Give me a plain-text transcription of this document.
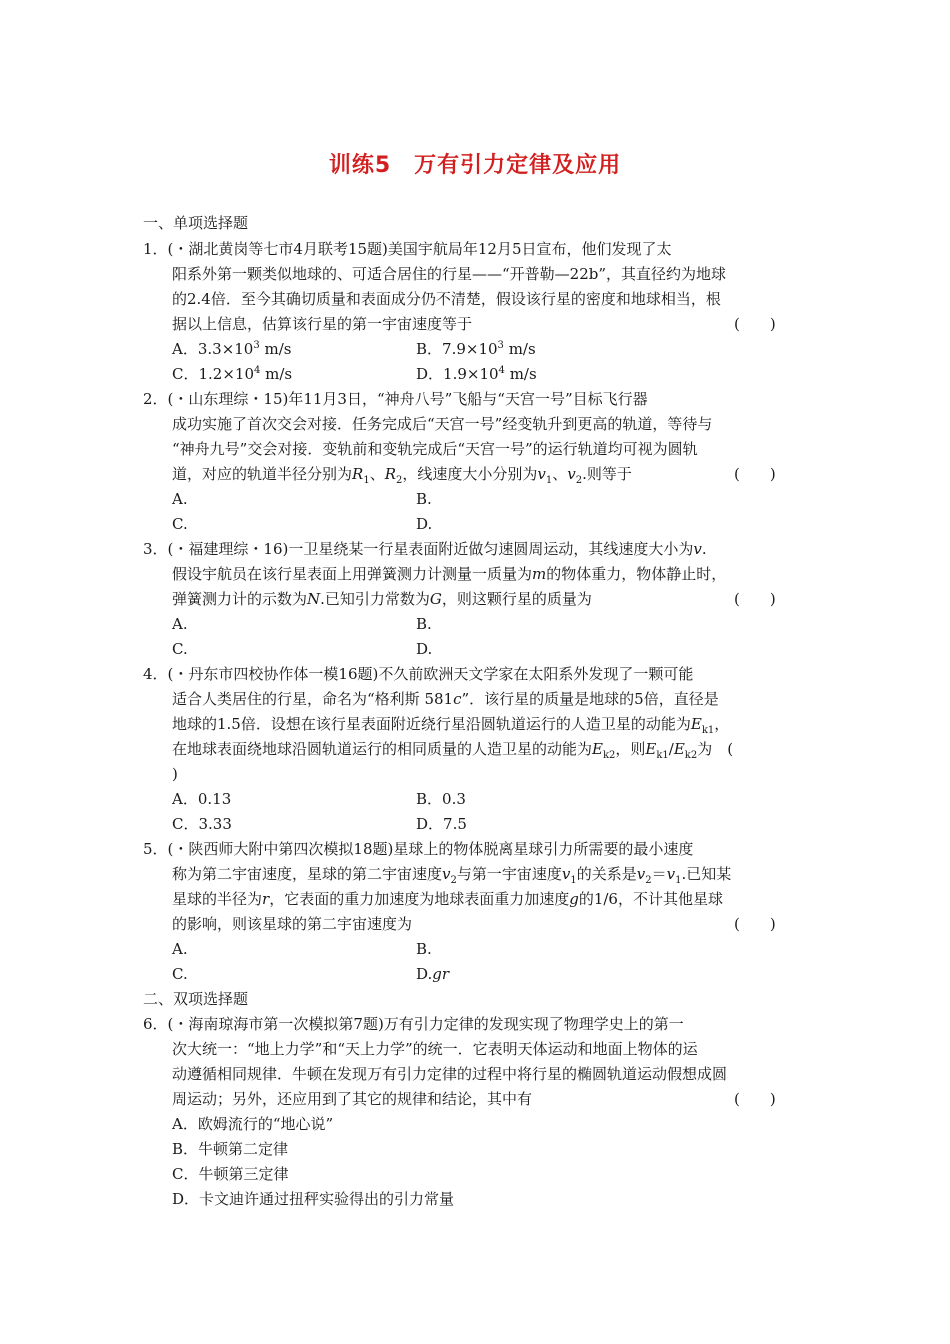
训练5　万有引力定律及应用
一、单项选择题
1．(・湖北黄岗等七市4月联考15题)美国宇航局年12月5日宣布，他们发现了太
阳系外第一颗类似地球的、可适合居住的行星——“开普勒—22b”，其直径约为地球
的2.4倍．至今其确切质量和表面成分仍不清楚，假设该行星的密度和地球相当，根
据以上信息，估算该行星的第一宇宙速度等于	(　　)
A．$3.3\times 10^3$ m/s	B．$7.9\times 10^3$ m/s
C．$1.2\times 10^4$ m/s	D．$1.9\times 10^4$ m/s
2．(・山东理综・15)年11月3日，“神舟八号”飞船与“天宫一号”目标飞行器
成功实施了首次交会对接．任务完成后“天宫一号”经变轨升到更高的轨道，等待与
“神舟九号”交会对接．变轨前和变轨完成后“天宫一号”的运行轨道均可视为圆轨
道，对应的轨道半径分别为$R_1$、$R_2$，线速度大小分别为$v_1$、$v_2$.则等于	(　　)
A.	B.
C.	D.
3．(・福建理综・16)一卫星绕某一行星表面附近做匀速圆周运动，其线速度大小为v.
假设宇航员在该行星表面上用弹簧测力计测量一质量为m的物体重力，物体静止时，
弹簧测力计的示数为N.已知引力常数为G，则这颗行星的质量为	(　　)
A.	B.
C.	D.
4．(・丹东市四校协作体一模16题)不久前欧洲天文学家在太阳系外发现了一颗可能
适合人类居住的行星，命名为“格利斯 581c”．该行星的质量是地球的5倍，直径是
地球的1.5倍．设想在该行星表面附近绕行星沿圆轨道运行的人造卫星的动能为$E_{k1}$，
在地球表面绕地球沿圆轨道运行的相同质量的人造卫星的动能为$E_{k2}$，则$E_{k1}/E_{k2}$为　(
)
A．0.13	B．0.3
C．3.33	D．7.5
5．(・陕西师大附中第四次模拟18题)星球上的物体脱离星球引力所需要的最小速度
称为第二宇宙速度，星球的第二宇宙速度$v_2$与第一宇宙速度$v_1$的关系是$v_2=v_1$.已知某
星球的半径为r，它表面的重力加速度为地球表面重力加速度g的1/6，不计其他星球
的影响，则该星球的第二宇宙速度为	(　　)
A.	B.
C.	D.gr
二、双项选择题
6．(・海南琼海市第一次模拟第7题)万有引力定律的发现实现了物理学史上的第一
次大统一：“地上力学”和“天上力学”的统一．它表明天体运动和地面上物体的运
动遵循相同规律．牛顿在发现万有引力定律的过程中将行星的椭圆轨道运动假想成圆
周运动；另外，还应用到了其它的规律和结论，其中有	(　　)
A．欧姆流行的“地心说”
B．牛顿第二定律
C．牛顿第三定律
D．卡文迪许通过扭秤实验得出的引力常量
